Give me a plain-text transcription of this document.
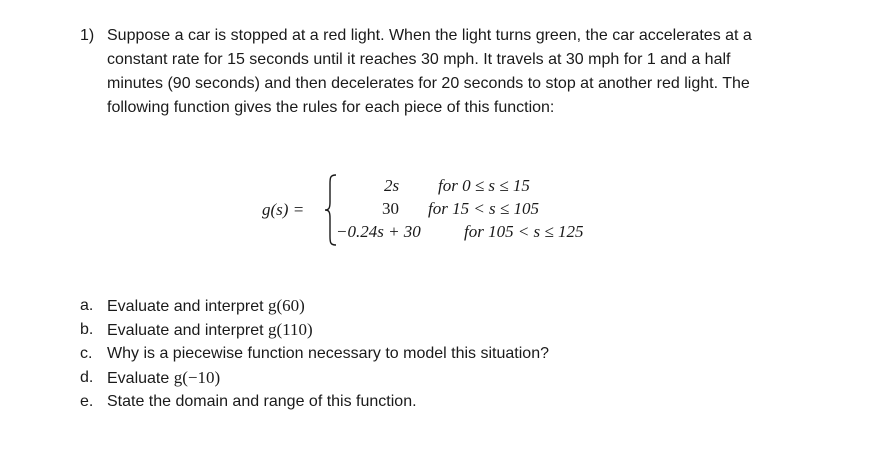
1) Suppose a car is stopped at a red light. When the light turns green, the car accelerates at a
constant rate for 15 seconds until it reaches 30 mph. It travels at 30 mph for 1 and a half
minutes (90 seconds) and then decelerates for 20 seconds to stop at another red light. The
following function gives the rules for each piece of this function:

g(s) =
2s for 0 ≤ s ≤ 15
30 for 15 < s ≤ 105
−0.24s + 30	for 105 < s ≤ 125
a. Evaluate and interpret g(60)
b. Evaluate and interpret g(110)
c. Why is a piecewise function necessary to model this situation?
d. Evaluate g(−10)
e. State the domain and range of this function.
